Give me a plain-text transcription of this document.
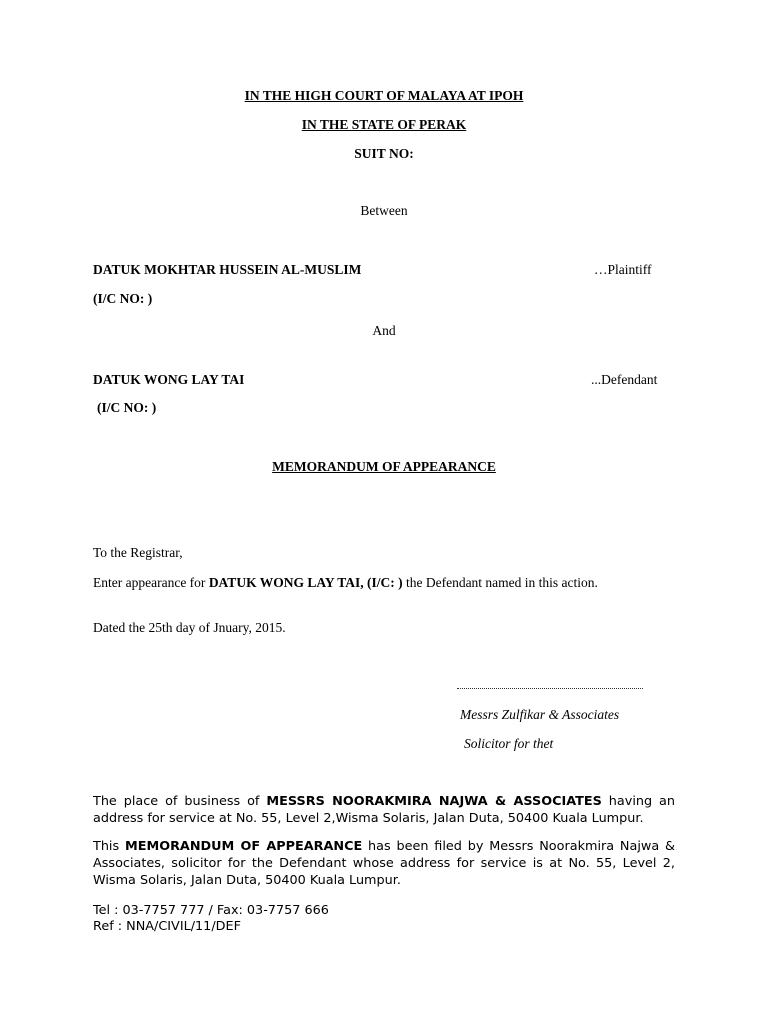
IN THE HIGH COURT OF MALAYA AT IPOH
IN THE STATE OF PERAK
SUIT NO:
Between
DATUK MOKHTAR HUSSEIN AL-MUSLIM	…Plaintiff
(I/C NO: )
And
DATUK WONG LAY TAI	...Defendant
(I/C NO: )
MEMORANDUM OF APPEARANCE
To the Registrar,
Enter appearance for DATUK WONG LAY TAI, (I/C: ) the Defendant named in this action.
Dated the 25th day of Jnuary, 2015.
Messrs Zulfikar & Associates
Solicitor for thet
The place of business of MESSRS NOORAKMIRA NAJWA & ASSOCIATES having an address for service at No. 55, Level 2,Wisma Solaris, Jalan Duta, 50400 Kuala Lumpur.
This MEMORANDUM OF APPEARANCE has been filed by Messrs Noorakmira Najwa & Associates, solicitor for the Defendant whose address for service is at No. 55, Level 2, Wisma Solaris, Jalan Duta, 50400 Kuala Lumpur.
Tel : 03-7757 777 / Fax: 03-7757 666
Ref : NNA/CIVIL/11/DEF
